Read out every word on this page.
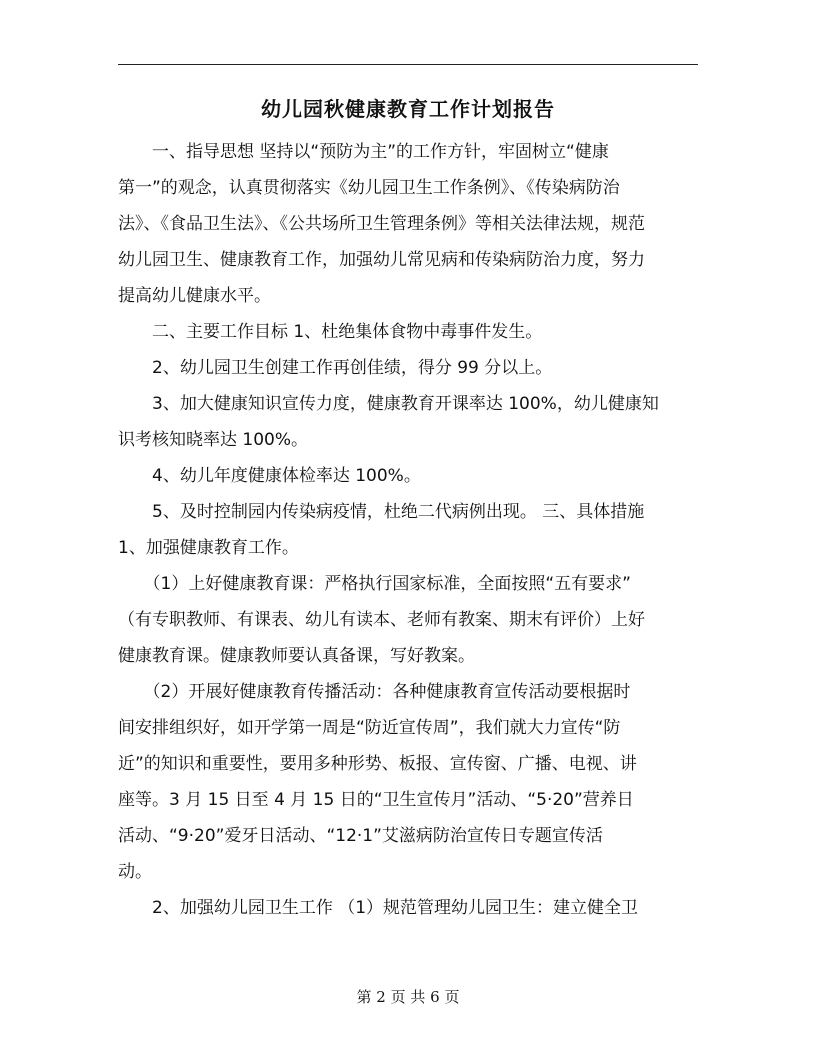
幼儿园秋健康教育工作计划报告
　　一、指导思想 坚持以“预防为主”的工作方针，牢固树立“健康
第一”的观念，认真贯彻落实《幼儿园卫生工作条例》、《传染病防治
法》、《食品卫生法》、《公共场所卫生管理条例》等相关法律法规，规范
幼儿园卫生、健康教育工作，加强幼儿常见病和传染病防治力度，努力
提高幼儿健康水平。
　　二、主要工作目标 1、杜绝集体食物中毒事件发生。
　　2、幼儿园卫生创建工作再创佳绩，得分 99 分以上。
　　3、加大健康知识宣传力度，健康教育开课率达 100%，幼儿健康知
识考核知晓率达 100%。
　　4、幼儿年度健康体检率达 100%。
　　5、及时控制园内传染病疫情，杜绝二代病例出现。 三、具体措施
1、加强健康教育工作。
　　（1）上好健康教育课：严格执行国家标准，全面按照“五有要求”
（有专职教师、有课表、幼儿有读本、老师有教案、期末有评价）上好
健康教育课。健康教师要认真备课，写好教案。
　　（2）开展好健康教育传播活动：各种健康教育宣传活动要根据时
间安排组织好，如开学第一周是“防近宣传周”，我们就大力宣传“防
近”的知识和重要性，要用多种形势、板报、宣传窗、广播、电视、讲
座等。3 月 15 日至 4 月 15 日的“卫生宣传月”活动、“5·20”营养日
活动、“9·20”爱牙日活动、“12·1”艾滋病防治宣传日专题宣传活
动。
　　2、加强幼儿园卫生工作 （1）规范管理幼儿园卫生：建立健全卫
第 2 页 共 6 页
